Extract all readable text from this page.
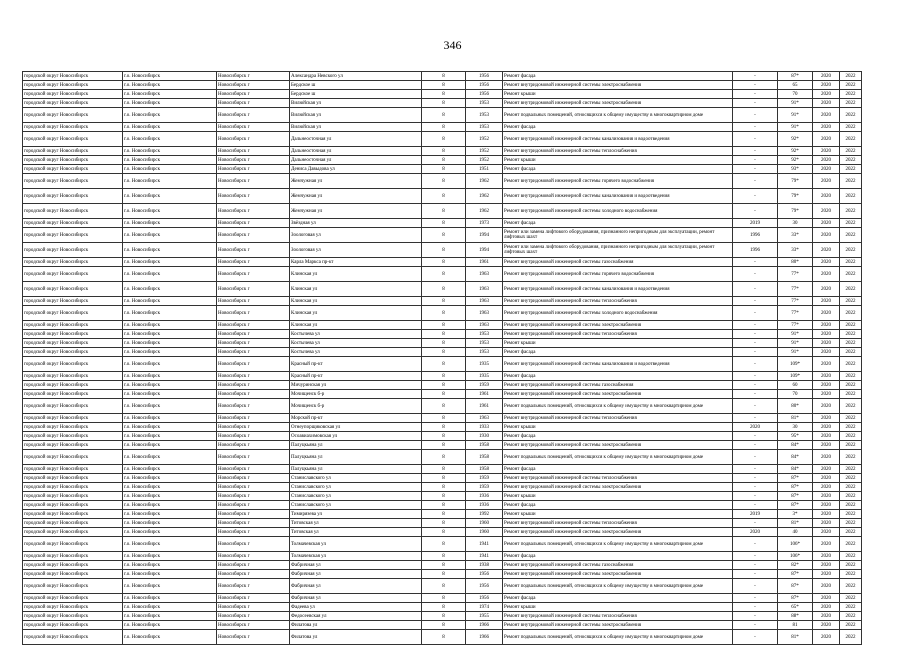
346
городской округ Новосибирск	г.о. Новосибирск	Новосибирск г	Александра Невского ул	8	1956	Ремонт фасада	-	87*	2020	2022
городской округ Новосибирск	г.о. Новосибирск	Новосибирск г	Бердское ш	8	1956	Ремонт внутридомовой инженерной системы электроснабжения	-	65	2020	2022
городской округ Новосибирск	г.о. Новосибирск	Новосибирск г	Бердское ш	8	1956	Ремонт крыши	-	70	2020	2022
городской округ Новосибирск	г.о. Новосибирск	Новосибирск г	Вилюйская ул	8	1953	Ремонт внутридомовой инженерной системы электроснабжения	-	91*	2020	2022
городской округ Новосибирск	г.о. Новосибирск	Новосибирск г	Вилюйская ул	8	1953	Ремонт подвальных помещений, относящихся к общему имуществу в многоквартирном доме	-	91*	2020	2022
городской округ Новосибирск	г.о. Новосибирск	Новосибирск г	Вилюйская ул	8	1953	Ремонт фасада	-	91*	2020	2022
городской округ Новосибирск	г.о. Новосибирск	Новосибирск г	Дальнеосточная ул	8	1952	Ремонт внутридомовой инженерной системы канализования и водоотведения	-	92*	2020	2022
городской округ Новосибирск	г.о. Новосибирск	Новосибирск г	Дальнеосточная ул	8	1952	Ремонт внутридомовой инженерной системы теплоснабжения	-	92*	2020	2022
городской округ Новосибирск	г.о. Новосибирск	Новосибирск г	Дальнеосточная ул	8	1952	Ремонт крыши	-	92*	2020	2022
городской округ Новосибирск	г.о. Новосибирск	Новосибирск г	Дениса Давыдова ул	8	1951	Ремонт фасада	-	93*	2020	2022
городской округ Новосибирск	г.о. Новосибирск	Новосибирск г	Жемчужная ул	8	1962	Ремонт внутридомовой инженерной системы горячего водоснабжения	-	79*	2020	2022
городской округ Новосибирск	г.о. Новосибирск	Новосибирск г	Жемчужная ул	8	1962	Ремонт внутридомовой инженерной системы канализования и водоотведения	-	79*	2020	2022
городской округ Новосибирск	г.о. Новосибирск	Новосибирск г	Жемчужная ул	8	1962	Ремонт внутридомовой инженерной системы холодного водоснабжения	-	79*	2020	2022
городской округ Новосибирск	г.о. Новосибирск	Новосибирск г	Звёздная ул	8	1973	Ремонт фасада	2019	30	2020	2022
городской округ Новосибирск	г.о. Новосибирск	Новосибирск г	Зоологовая ул	8	1994	Ремонт или замена лифтового оборудования, признанного непригодным для эксплуатации, ремонт лифтовых шахт	1996	33*	2020	2022
городской округ Новосибирск	г.о. Новосибирск	Новосибирск г	Зоологовая ул	8	1994	Ремонт или замена лифтового оборудования, признанного непригодным для эксплуатации, ремонт лифтовых шахт	1996	33*	2020	2022
городской округ Новосибирск	г.о. Новосибирск	Новосибирск г	Карла Маркса пр-кт	8	1961	Ремонт внутридомовой инженерной системы газоснабжения	-	80*	2020	2022
городской округ Новосибирск	г.о. Новосибирск	Новосибирск г	Клинская ул	8	1963	Ремонт внутридомовой инженерной системы горячего водоснабжения	-	77*	2020	2022
городской округ Новосибирск	г.о. Новосибирск	Новосибирск г	Клинская ул	8	1963	Ремонт внутридомовой инженерной системы канализования и водоотведения	-	77*	2020	2022
городской округ Новосибирск	г.о. Новосибирск	Новосибирск г	Клинская ул	8	1963	Ремонт внутридомовой инженерной системы теплоснабжения	-	77*	2020	2022
городской округ Новосибирск	г.о. Новосибирск	Новосибирск г	Клинская ул	8	1963	Ремонт внутридомовой инженерной системы холодного водоснабжения	-	77*	2020	2022
городской округ Новосибирск	г.о. Новосибирск	Новосибирск г	Клинская ул	8	1963	Ремонт внутридомовой инженерной системы электроснабжения	-	77*	2020	2022
городской округ Новосибирск	г.о. Новосибирск	Новосибирск г	Костычева ул	8	1953	Ремонт внутридомовой инженерной системы теплоснабжения	-	91*	2020	2022
городской округ Новосибирск	г.о. Новосибирск	Новосибирск г	Костычева ул	8	1953	Ремонт крыши	-	91*	2020	2022
городской округ Новосибирск	г.о. Новосибирск	Новосибирск г	Костычева ул	8	1953	Ремонт фасада	-	91*	2020	2022
городской округ Новосибирск	г.о. Новосибирск	Новосибирск г	Красный пр-кт	8	1935	Ремонт внутридомовой инженерной системы канализования и водоотведения	-	109*	2020	2022
городской округ Новосибирск	г.о. Новосибирск	Новосибирск г	Красный пр-кт	8	1935	Ремонт фасада	-	109*	2020	2022
городской округ Новосибирск	г.о. Новосибирск	Новосибирск г	Мичуринская ул	8	1959	Ремонт внутридомовой инженерной системы газоснабжения	-	60	2020	2022
городской округ Новосибирск	г.о. Новосибирск	Новосибирск г	Мочищенск б-р	8	1961	Ремонт внутридомовой инженерной системы электроснабжения	-	70	2020	2022
городской округ Новосибирск	г.о. Новосибирск	Новосибирск г	Мочищенск б-р	8	1961	Ремонт подвальных помещений, относящихся к общему имуществу в многоквартирном доме	-	80*	2020	2022
городской округ Новосибирск	г.о. Новосибирск	Новосибирск г	Морской пр-кт	8	1963	Ремонт внутридомовой инженерной системы теплоснабжения	-	81*	2020	2022
городской округ Новосибирск	г.о. Новосибирск	Новосибирск г	Огнеупорщиковская ул	8	1933	Ремонт крыши	2020	30	2020	2022
городской округ Новосибирск	г.о. Новосибирск	Новосибирск г	Осоавиахимовская ул	8	1930	Ремонт фасада	-	95*	2020	2022
городской округ Новосибирск	г.о. Новосибирск	Новосибирск г	Палуцкьяна ул	8	1958	Ремонт внутридомовой инженерной системы электроснабжения	-	84*	2020	2022
городской округ Новосибирск	г.о. Новосибирск	Новосибирск г	Палуцкьяна ул	8	1958	Ремонт подвальных помещений, относящихся к общему имуществу в многоквартирном доме	-	84*	2020	2022
городской округ Новосибирск	г.о. Новосибирск	Новосибирск г	Палуцкьяна ул	8	1958	Ремонт фасада	-	84*	2020	2022
городской округ Новосибирск	г.о. Новосибирск	Новосибирск г	Станиславского ул	8	1959	Ремонт внутридомовой инженерной системы теплоснабжения	-	87*	2020	2022
городской округ Новосибирск	г.о. Новосибирск	Новосибирск г	Станиславского ул	8	1959	Ремонт внутридомовой инженерной системы электроснабжения	-	87*	2020	2022
городской округ Новосибирск	г.о. Новосибирск	Новосибирск г	Станиславского ул	8	1936	Ремонт крыши	-	87*	2020	2022
городской округ Новосибирск	г.о. Новосибирск	Новосибирск г	Станиславского ул	8	1936	Ремонт фасада	-	87*	2020	2022
городской округ Новосибирск	г.о. Новосибирск	Новосибирск г	Тимирязева ул	8	1992	Ремонт крыши	2019	3*	2020	2022
городской округ Новосибирск	г.о. Новосибирск	Новосибирск г	Титовская ул	8	1960	Ремонт внутридомовой инженерной системы теплоснабжения	-	81*	2020	2022
городской округ Новосибирск	г.о. Новосибирск	Новосибирск г	Титовская ул	8	1960	Ремонт внутридомовой инженерной системы электроснабжения	2020	40	2020	2022
городской округ Новосибирск	г.о. Новосибирск	Новосибирск г	Толмачевская ул	8	1941	Ремонт подвальных помещений, относящихся к общему имуществу в многоквартирном доме	-	106*	2020	2022
городской округ Новосибирск	г.о. Новосибирск	Новосибирск г	Толмачевская ул	8	1941	Ремонт фасада	-	106*	2020	2022
городской округ Новосибирск	г.о. Новосибирск	Новосибирск г	Фабричная ул	8	1938	Ремонт внутридомовой инженерной системы газоснабжения	-	82*	2020	2022
городской округ Новосибирск	г.о. Новосибирск	Новосибирск г	Фабричная ул	8	1956	Ремонт внутридомовой инженерной системы электроснабжения	-	87*	2020	2022
городской округ Новосибирск	г.о. Новосибирск	Новосибирск г	Фабричная ул	8	1956	Ремонт подвальных помещений, относящихся к общему имуществу в многоквартирном доме	-	87*	2020	2022
городской округ Новосибирск	г.о. Новосибирск	Новосибирск г	Фабричная ул	8	1956	Ремонт фасада	-	87*	2020	2022
городской округ Новосибирск	г.о. Новосибирск	Новосибирск г	Фадеева ул	8	1974	Ремонт крыши	-	65*	2020	2022
городской округ Новосибирск	г.о. Новосибирск	Новосибирск г	Федосеевская ул	8	1955	Ремонт внутридомовой инженерной системы теплоснабжения	-	88*	2020	2022
городской округ Новосибирск	г.о. Новосибирск	Новосибирск г	Филатова ул	8	1966	Ремонт внутридомовой инженерной системы электроснабжения	-	81	2020	2022
городской округ Новосибирск	г.о. Новосибирск	Новосибирск г	Филатова ул	8	1966	Ремонт подвальных помещений, относящихся к общему имуществу в многоквартирном доме	-	81*	2020	2022
